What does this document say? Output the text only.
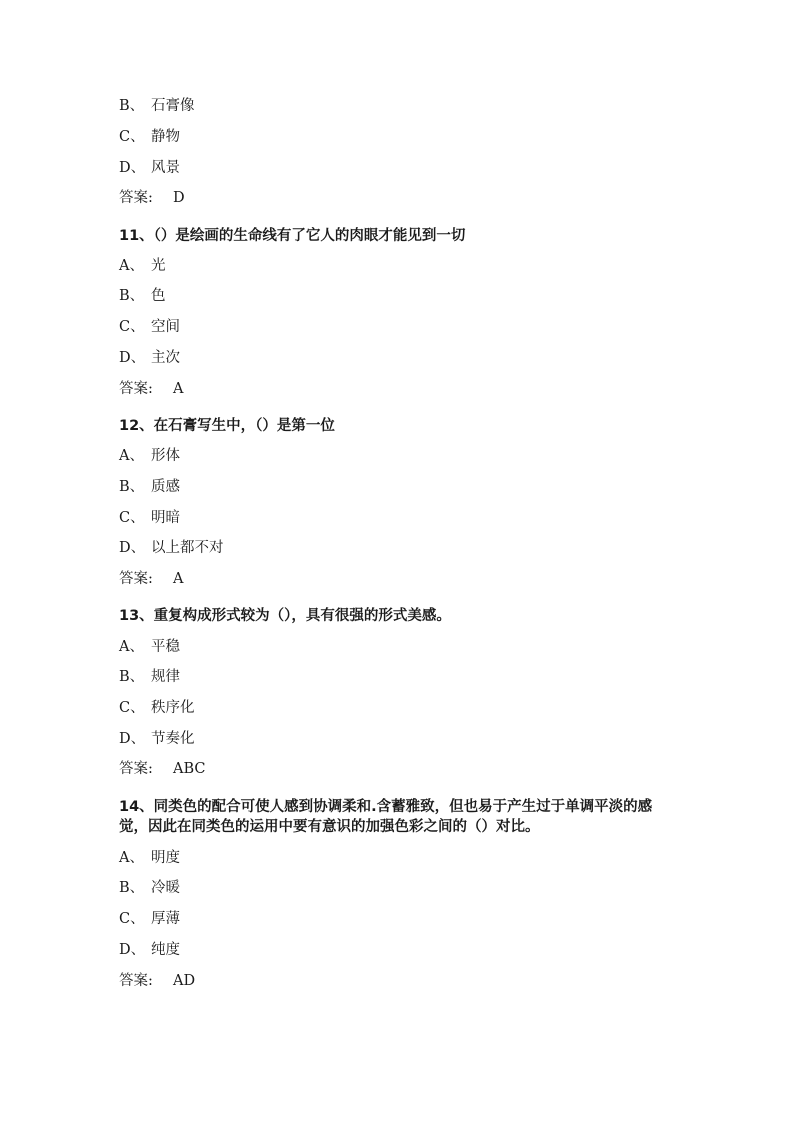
B、 石膏像
C、 静物
D、 风景
答案: D
11、（）是绘画的生命线有了它人的肉眼才能见到一切
A、 光
B、 色
C、 空间
D、 主次
答案: A
12、在石膏写生中，（）是第一位
A、 形体
B、 质感
C、 明暗
D、 以上都不对
答案: A
13、重复构成形式较为（），具有很强的形式美感。
A、 平稳
B、 规律
C、 秩序化
D、 节奏化
答案: ABC
14、同类色的配合可使人感到协调柔和.含蓄雅致，但也易于产生过于单调平淡的感觉，因此在同类色的运用中要有意识的加强色彩之间的（）对比。
A、 明度
B、 冷暖
C、 厚薄
D、 纯度
答案: AD
